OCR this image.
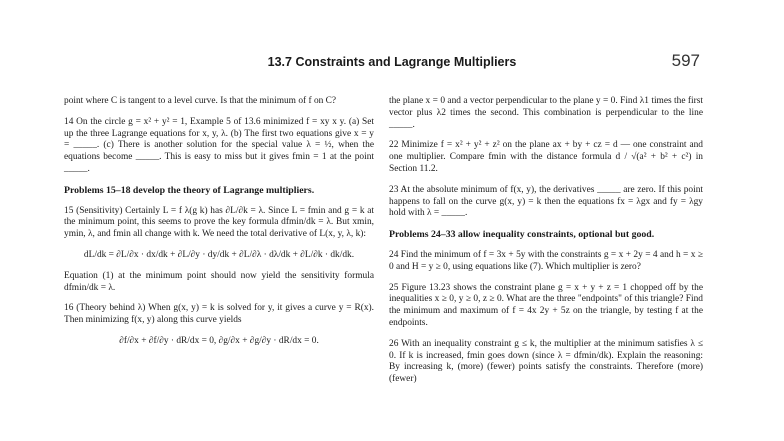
13.7 Constraints and Lagrange Multipliers	597

point where C is tangent to a level curve. Is that the minimum of f on C?

14 On the circle g = x² + y² = 1, Example 5 of 13.6 minimized f = xy x y. (a) Set up the three Lagrange equations for x, y, λ. (b) The first two equations give x = y = _____. (c) There is another solution for the special value λ = ½, when the equations become _____. This is easy to miss but it gives fmin = 1 at the point _____.

Problems 15–18 develop the theory of Lagrange multipliers.

15 (Sensitivity) Certainly L = f λ(g k) has ∂L/∂k = λ. Since L = fmin and g = k at the minimum point, this seems to prove the key formula dfmin/dk = λ. But xmin, ymin, λ, and fmin all change with k. We need the total derivative of L(x, y, λ, k):

dL/dk = ∂L/∂x · dx/dk + ∂L/∂y · dy/dk + ∂L/∂λ · dλ/dk + ∂L/∂k · dk/dk.

Equation (1) at the minimum point should now yield the sensitivity formula dfmin/dk = λ.

16 (Theory behind λ) When g(x, y) = k is solved for y, it gives a curve y = R(x). Then minimizing f(x, y) along this curve yields

∂f/∂x + ∂f/∂y · dR/dx = 0, ∂g/∂x + ∂g/∂y · dR/dx = 0.

the plane x = 0 and a vector perpendicular to the plane y = 0. Find λ1 times the first vector plus λ2 times the second. This combination is perpendicular to the line _____.

22 Minimize f = x² + y² + z² on the plane ax + by + cz = d — one constraint and one multiplier. Compare fmin with the distance formula d / √(a² + b² + c²) in Section 11.2.

23 At the absolute minimum of f(x, y), the derivatives _____ are zero. If this point happens to fall on the curve g(x, y) = k then the equations fx = λgx and fy = λgy hold with λ = _____.

Problems 24–33 allow inequality constraints, optional but good.

24 Find the minimum of f = 3x + 5y with the constraints g = x + 2y = 4 and h = x ≥ 0 and H = y ≥ 0, using equations like (7). Which multiplier is zero?

25 Figure 13.23 shows the constraint plane g = x + y + z = 1 chopped off by the inequalities x ≥ 0, y ≥ 0, z ≥ 0. What are the three "endpoints" of this triangle? Find the minimum and maximum of f = 4x 2y + 5z on the triangle, by testing f at the endpoints.

26 With an inequality constraint g ≤ k, the multiplier at the minimum satisfies λ ≤ 0. If k is increased, fmin goes down (since λ = dfmin/dk). Explain the reasoning: By increasing k, (more) (fewer) points satisfy the constraints. Therefore (more) (fewer)
